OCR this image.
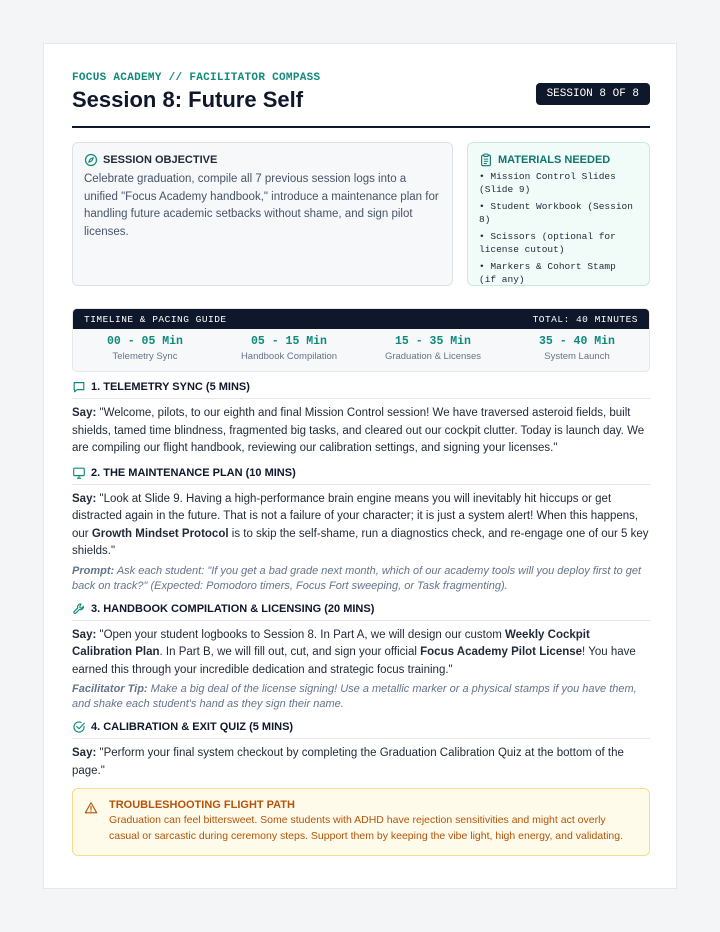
FOCUS ACADEMY // FACILITATOR COMPASS
Session 8: Future Self	SESSION 8 OF 8
SESSION OBJECTIVE
Celebrate graduation, compile all 7 previous session logs into a unified "Focus Academy handbook," introduce a maintenance plan for handling future academic setbacks without shame, and sign pilot licenses.
MATERIALS NEEDED
• Mission Control Slides (Slide 9)
• Student Workbook (Session 8)
• Scissors (optional for license cutout)
• Markers & Cohort Stamp (if any)
TIMELINE & PACING GUIDE	TOTAL: 40 MINUTES
00 - 05 Min
Telemetry Sync
05 - 15 Min
Handbook Compilation
15 - 35 Min
Graduation & Licenses
35 - 40 Min
System Launch
1. TELEMETRY SYNC (5 MINS)

Say: "Welcome, pilots, to our eighth and final Mission Control session! We have traversed asteroid fields, built shields, tamed time blindness, fragmented big tasks, and cleared out our cockpit clutter. Today is launch day. We are compiling our flight handbook, reviewing our calibration settings, and signing your licenses."

2. THE MAINTENANCE PLAN (10 MINS)

Say: "Look at Slide 9. Having a high-performance brain engine means you will inevitably hit hiccups or get distracted again in the future. That is not a failure of your character; it is just a system alert! When this happens, our Growth Mindset Protocol is to skip the self-shame, run a diagnostics check, and re-engage one of our 5 key shields."

Prompt: Ask each student: "If you get a bad grade next month, which of our academy tools will you deploy first to get back on track?" (Expected: Pomodoro timers, Focus Fort sweeping, or Task fragmenting).

3. HANDBOOK COMPILATION & LICENSING (20 MINS)

Say: "Open your student logbooks to Session 8. In Part A, we will design our custom Weekly Cockpit Calibration Plan. In Part B, we will fill out, cut, and sign your official Focus Academy Pilot License! You have earned this through your incredible dedication and strategic focus training."

Facilitator Tip: Make a big deal of the license signing! Use a metallic marker or a physical stamps if you have them, and shake each student's hand as they sign their name.

4. CALIBRATION & EXIT QUIZ (5 MINS)

Say: "Perform your final system checkout by completing the Graduation Calibration Quiz at the bottom of the page."

TROUBLESHOOTING FLIGHT PATH
Graduation can feel bittersweet. Some students with ADHD have rejection sensitivities and might act overly casual or sarcastic during ceremony steps. Support them by keeping the vibe light, high energy, and validating.
